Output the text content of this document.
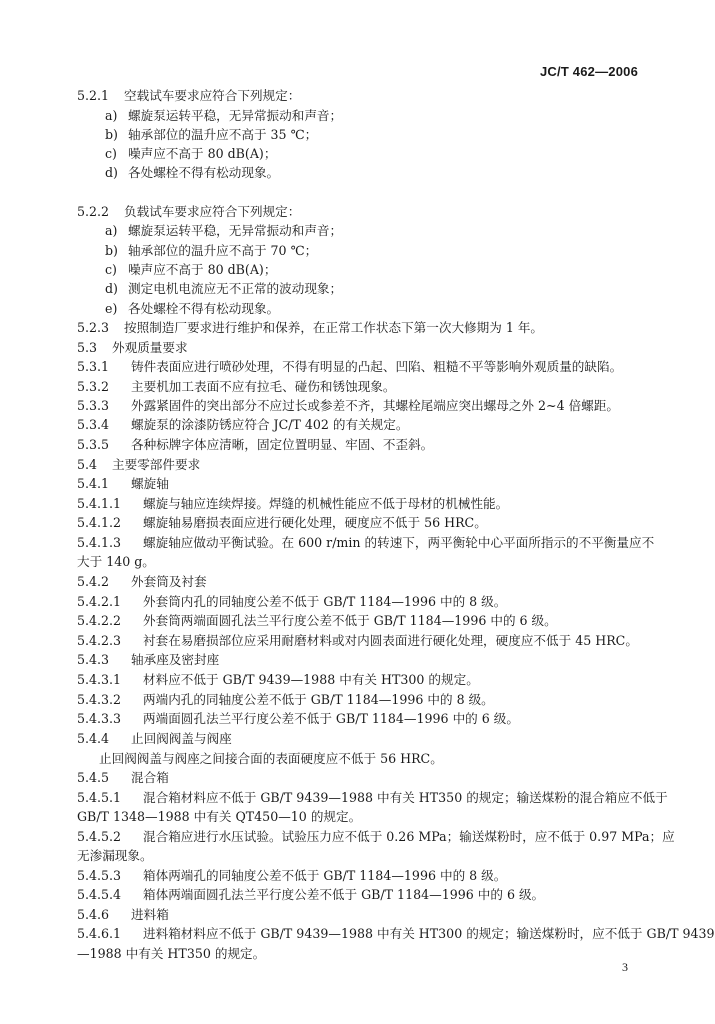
JC/T 462—2006
5.2.1 空载试车要求应符合下列规定：
a) 螺旋泵运转平稳，无异常振动和声音；
b) 轴承部位的温升应不高于 35 ℃；
c) 噪声应不高于 80 dB(A)；
d) 各处螺栓不得有松动现象。
5.2.2 负载试车要求应符合下列规定：
a) 螺旋泵运转平稳，无异常振动和声音；
b) 轴承部位的温升应不高于 70 ℃；
c) 噪声应不高于 80 dB(A)；
d) 测定电机电流应无不正常的波动现象；
e) 各处螺栓不得有松动现象。
5.2.3 按照制造厂要求进行维护和保养，在正常工作状态下第一次大修期为 1 年。
5.3 外观质量要求
5.3.1 铸件表面应进行喷砂处理，不得有明显的凸起、凹陷、粗糙不平等影响外观质量的缺陷。
5.3.2 主要机加工表面不应有拉毛、碰伤和锈蚀现象。
5.3.3 外露紧固件的突出部分不应过长或参差不齐，其螺栓尾端应突出螺母之外 2~4 倍螺距。
5.3.4 螺旋泵的涂漆防锈应符合 JC/T 402 的有关规定。
5.3.5 各种标牌字体应清晰，固定位置明显、牢固、不歪斜。
5.4 主要零部件要求
5.4.1 螺旋轴
5.4.1.1 螺旋与轴应连续焊接。焊缝的机械性能应不低于母材的机械性能。
5.4.1.2 螺旋轴易磨损表面应进行硬化处理，硬度应不低于 56 HRC。
5.4.1.3 螺旋轴应做动平衡试验。在 600 r/min 的转速下，两平衡轮中心平面所指示的不平衡量应不
大于 140 g。
5.4.2 外套筒及衬套
5.4.2.1 外套筒内孔的同轴度公差不低于 GB/T 1184—1996 中的 8 级。
5.4.2.2 外套筒两端面圆孔法兰平行度公差不低于 GB/T 1184—1996 中的 6 级。
5.4.2.3 衬套在易磨损部位应采用耐磨材料或对内圆表面进行硬化处理，硬度应不低于 45 HRC。
5.4.3 轴承座及密封座
5.4.3.1 材料应不低于 GB/T 9439—1988 中有关 HT300 的规定。
5.4.3.2 两端内孔的同轴度公差不低于 GB/T 1184—1996 中的 8 级。
5.4.3.3 两端面圆孔法兰平行度公差不低于 GB/T 1184—1996 中的 6 级。
5.4.4 止回阀阀盖与阀座
止回阀阀盖与阀座之间接合面的表面硬度应不低于 56 HRC。
5.4.5 混合箱
5.4.5.1 混合箱材料应不低于 GB/T 9439—1988 中有关 HT350 的规定；输送煤粉的混合箱应不低于
GB/T 1348—1988 中有关 QT450—10 的规定。
5.4.5.2 混合箱应进行水压试验。试验压力应不低于 0.26 MPa；输送煤粉时，应不低于 0.97 MPa；应
无渗漏现象。
5.4.5.3 箱体两端孔的同轴度公差不低于 GB/T 1184—1996 中的 8 级。
5.4.5.4 箱体两端面圆孔法兰平行度公差不低于 GB/T 1184—1996 中的 6 级。
5.4.6 进料箱
5.4.6.1 进料箱材料应不低于 GB/T 9439—1988 中有关 HT300 的规定；输送煤粉时，应不低于 GB/T 9439
—1988 中有关 HT350 的规定。
3
